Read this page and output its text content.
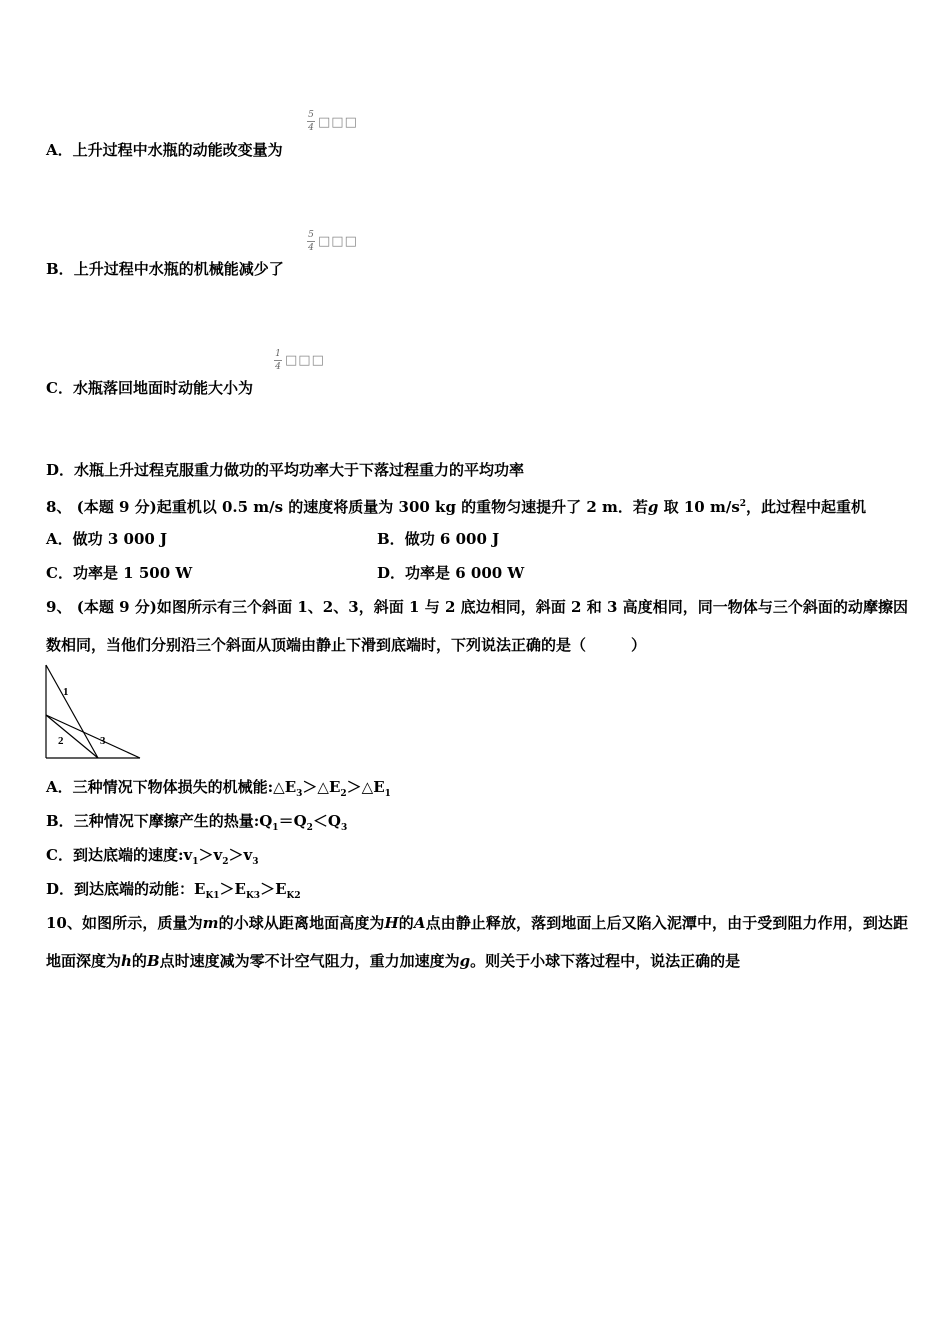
5
4 □□□
A．上升过程中水瓶的动能改变量为
5
4 □□□
B．上升过程中水瓶的机械能减少了
1
4 □□□
C．水瓶落回地面时动能大小为
D．水瓶上升过程克服重力做功的平均功率大于下落过程重力的平均功率
8、 (本题 9 分)起重机以 0.5 m/s 的速度将质量为 300 kg 的重物匀速提升了 2 m．若g 取 10 $m/s^2$，此过程中起重机
A．做功 3 000 J	B．做功 6 000 J
C．功率是 1 500 W	D．功率是 6 000 W
9、 (本题 9 分)如图所示有三个斜面 1、2、3，斜面 1 与 2 底边相同，斜面 2 和 3 高度相同，同一物体与三个斜面的动摩擦因数相同，当他们分别沿三个斜面从顶端由静止下滑到底端时，下列说法正确的是（　　　）
1
2	3
A．三种情况下物体损失的机械能$:\triangle E_3>\triangle E_2>\triangle E_1$
B．三种情况下摩擦产生的热量$:Q_1=Q_2<Q_3$
C．到达底端的速度$:v_1>v_2>v_3$
D．到达底端的动能：$E_{K1}>E_{K3}>E_{K2}$
10、如图所示，质量为m的小球从距离地面高度为H的A点由静止释放，落到地面上后又陷入泥潭中，由于受到阻力作用，到达距地面深度为h的B点时速度减为零不计空气阻力，重力加速度为g。则关于小球下落过程中，说法正确的是
